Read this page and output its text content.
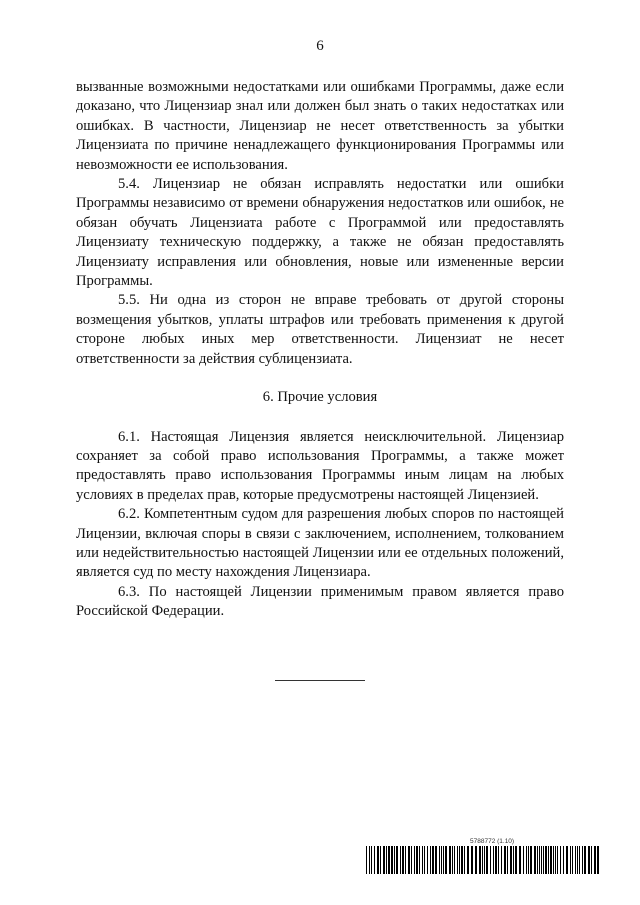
6

вызванные возможными недостатками или ошибками Программы, даже если доказано, что Лицензиар знал или должен был знать о таких недостатках или ошибках. В частности, Лицензиар не несет ответственность за убытки Лицензиата по причине ненадлежащего функционирования Программы или невозможности ее использования.

5.4. Лицензиар не обязан исправлять недостатки или ошибки Программы независимо от времени обнаружения недостатков или ошибок, не обязан обучать Лицензиата работе с Программой или предоставлять Лицензиату техническую поддержку, а также не обязан предоставлять Лицензиату исправления или обновления, новые или измененные версии Программы.

5.5. Ни одна из сторон не вправе требовать от другой стороны возмещения убытков, уплаты штрафов или требовать применения к другой стороне любых иных мер ответственности. Лицензиат не несет ответственности за действия сублицензиата.

6. Прочие условия

6.1. Настоящая Лицензия является неисключительной. Лицензиар сохраняет за собой право использования Программы, а также может предоставлять право использования Программы иным лицам на любых условиях в пределах прав, которые предусмотрены настоящей Лицензией.

6.2. Компетентным судом для разрешения любых споров по настоящей Лицензии, включая споры в связи с заключением, исполнением, толкованием или недействительностью настоящей Лицензии или ее отдельных положений, является суд по месту нахождения Лицензиара.

6.3. По настоящей Лицензии применимым правом является право Российской Федерации.

5788772 (1.10)
